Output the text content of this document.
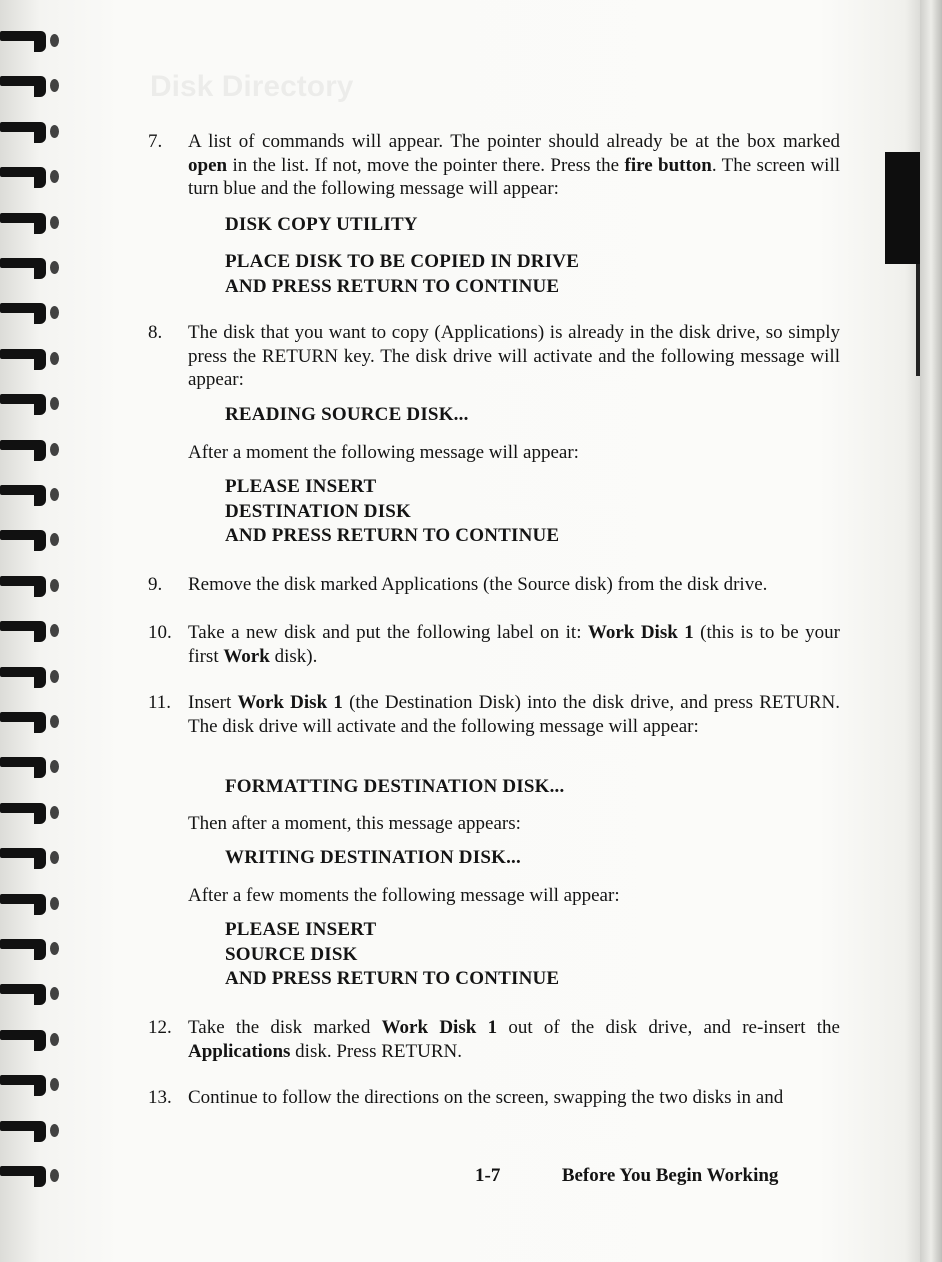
Disk Directory
7.	A list of commands will appear. The pointer should already be at the box marked open in the list. If not, move the pointer there. Press the fire button. The screen will turn blue and the following message will appear:
DISK COPY UTILITY
PLACE DISK TO BE COPIED IN DRIVE
AND PRESS RETURN TO CONTINUE
8.	The disk that you want to copy (Applications) is already in the disk drive, so simply press the RETURN key. The disk drive will activate and the following message will appear:
READING SOURCE DISK...
After a moment the following message will appear:
PLEASE INSERT
DESTINATION DISK
AND PRESS RETURN TO CONTINUE
9.	Remove the disk marked Applications (the Source disk) from the disk drive.
10. Take a new disk and put the following label on it: Work Disk 1 (this is to be your first Work disk).
11. Insert Work Disk 1 (the Destination Disk) into the disk drive, and press RETURN. The disk drive will activate and the following message will appear:
FORMATTING DESTINATION DISK...
Then after a moment, this message appears:
WRITING DESTINATION DISK...
After a few moments the following message will appear:
PLEASE INSERT
SOURCE DISK
AND PRESS RETURN TO CONTINUE
12. Take the disk marked Work Disk 1 out of the disk drive, and re-insert the Applications disk. Press RETURN.
13. Continue to follow the directions on the screen, swapping the two disks in and
1-7	Before You Begin Working
